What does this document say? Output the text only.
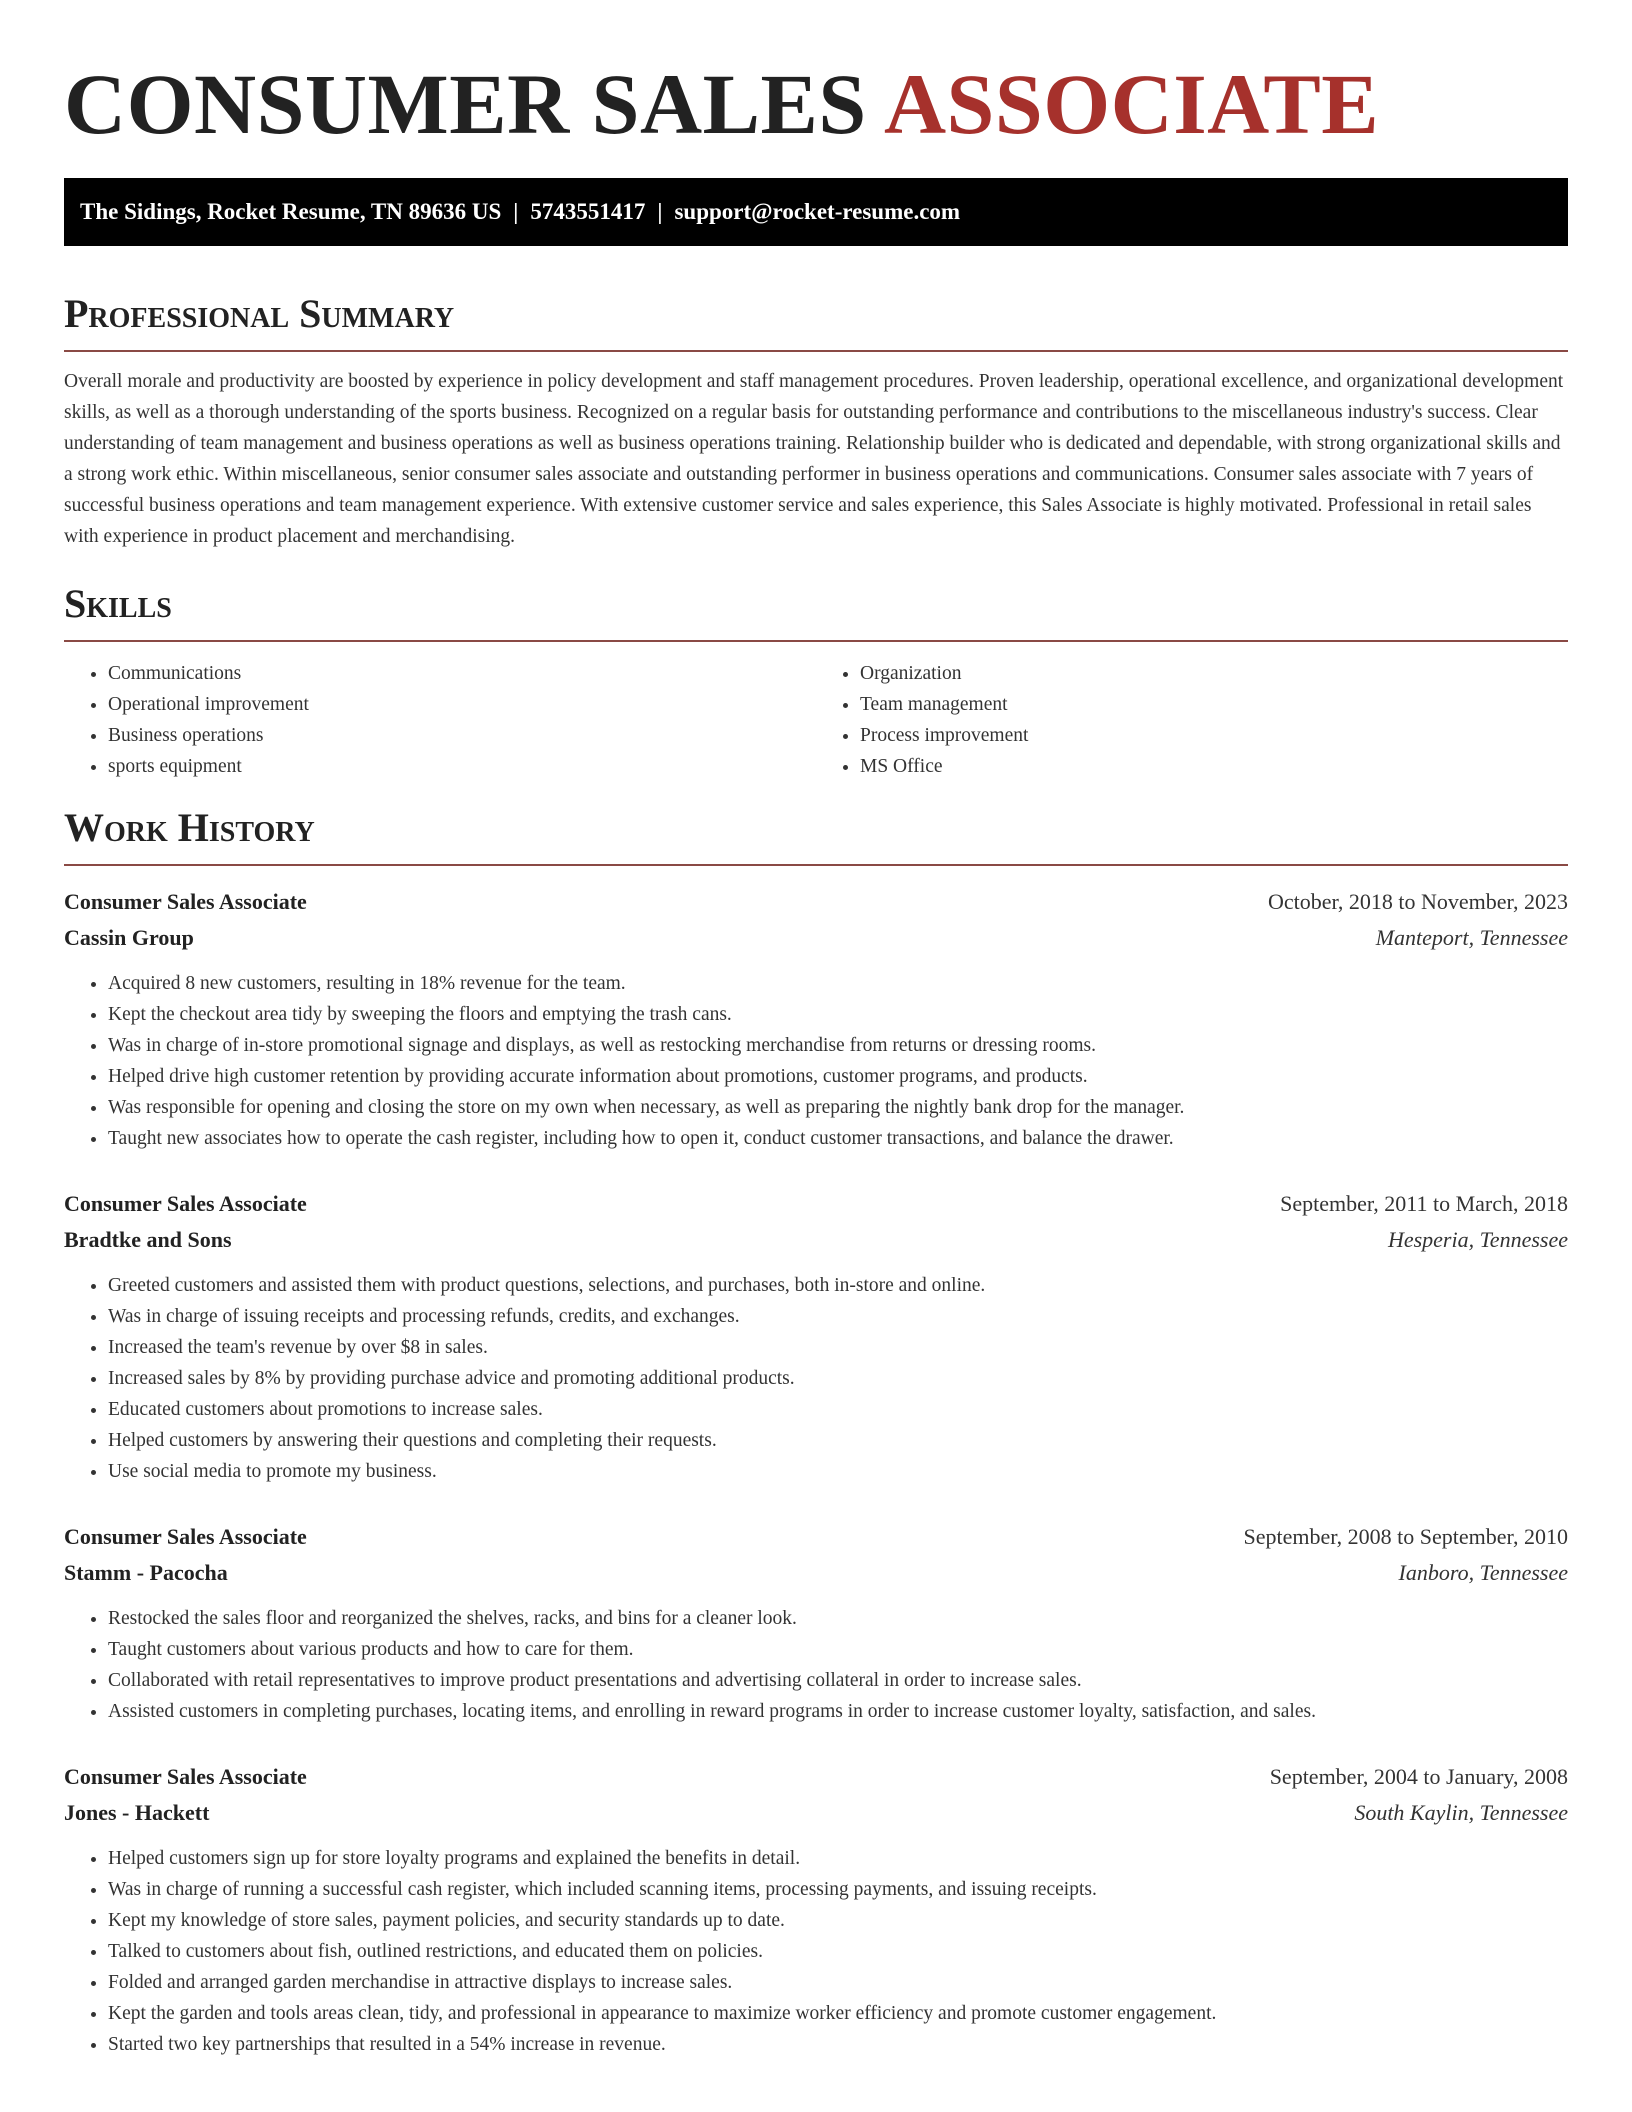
CONSUMER SALES ASSOCIATE
The Sidings, Rocket Resume, TN 89636 US | 5743551417 | support@rocket-resume.com
Professional Summary

Overall morale and productivity are boosted by experience in policy development and staff management procedures. Proven leadership, operational excellence, and organizational development skills, as well as a thorough understanding of the sports business. Recognized on a regular basis for outstanding performance and contributions to the miscellaneous industry's success. Clear understanding of team management and business operations as well as business operations training. Relationship builder who is dedicated and dependable, with strong organizational skills and a strong work ethic. Within miscellaneous, senior consumer sales associate and outstanding performer in business operations and communications. Consumer sales associate with 7 years of successful business operations and team management experience. With extensive customer service and sales experience, this Sales Associate is highly motivated. Professional in retail sales with experience in product placement and merchandising.

Skills
• Communications
• Operational improvement
• Business operations
• sports equipment
• Organization
• Team management
• Process improvement
• MS Office
Work History
Consumer Sales Associate	October, 2018 to November, 2023
Cassin Group	Manteport, Tennessee
• Acquired 8 new customers, resulting in 18% revenue for the team.
• Kept the checkout area tidy by sweeping the floors and emptying the trash cans.
• Was in charge of in-store promotional signage and displays, as well as restocking merchandise from returns or dressing rooms.
• Helped drive high customer retention by providing accurate information about promotions, customer programs, and products.
• Was responsible for opening and closing the store on my own when necessary, as well as preparing the nightly bank drop for the manager.
• Taught new associates how to operate the cash register, including how to open it, conduct customer transactions, and balance the drawer.
Consumer Sales Associate	September, 2011 to March, 2018
Bradtke and Sons	Hesperia, Tennessee
• Greeted customers and assisted them with product questions, selections, and purchases, both in-store and online.
• Was in charge of issuing receipts and processing refunds, credits, and exchanges.
• Increased the team's revenue by over $8 in sales.
• Increased sales by 8% by providing purchase advice and promoting additional products.
• Educated customers about promotions to increase sales.
• Helped customers by answering their questions and completing their requests.
• Use social media to promote my business.
Consumer Sales Associate	September, 2008 to September, 2010
Stamm - Pacocha	Ianboro, Tennessee
• Restocked the sales floor and reorganized the shelves, racks, and bins for a cleaner look.
• Taught customers about various products and how to care for them.
• Collaborated with retail representatives to improve product presentations and advertising collateral in order to increase sales.
• Assisted customers in completing purchases, locating items, and enrolling in reward programs in order to increase customer loyalty, satisfaction, and sales.
Consumer Sales Associate	September, 2004 to January, 2008
Jones - Hackett	South Kaylin, Tennessee
• Helped customers sign up for store loyalty programs and explained the benefits in detail.
• Was in charge of running a successful cash register, which included scanning items, processing payments, and issuing receipts.
• Kept my knowledge of store sales, payment policies, and security standards up to date.
• Talked to customers about fish, outlined restrictions, and educated them on policies.
• Folded and arranged garden merchandise in attractive displays to increase sales.
• Kept the garden and tools areas clean, tidy, and professional in appearance to maximize worker efficiency and promote customer engagement.
• Started two key partnerships that resulted in a 54% increase in revenue.
